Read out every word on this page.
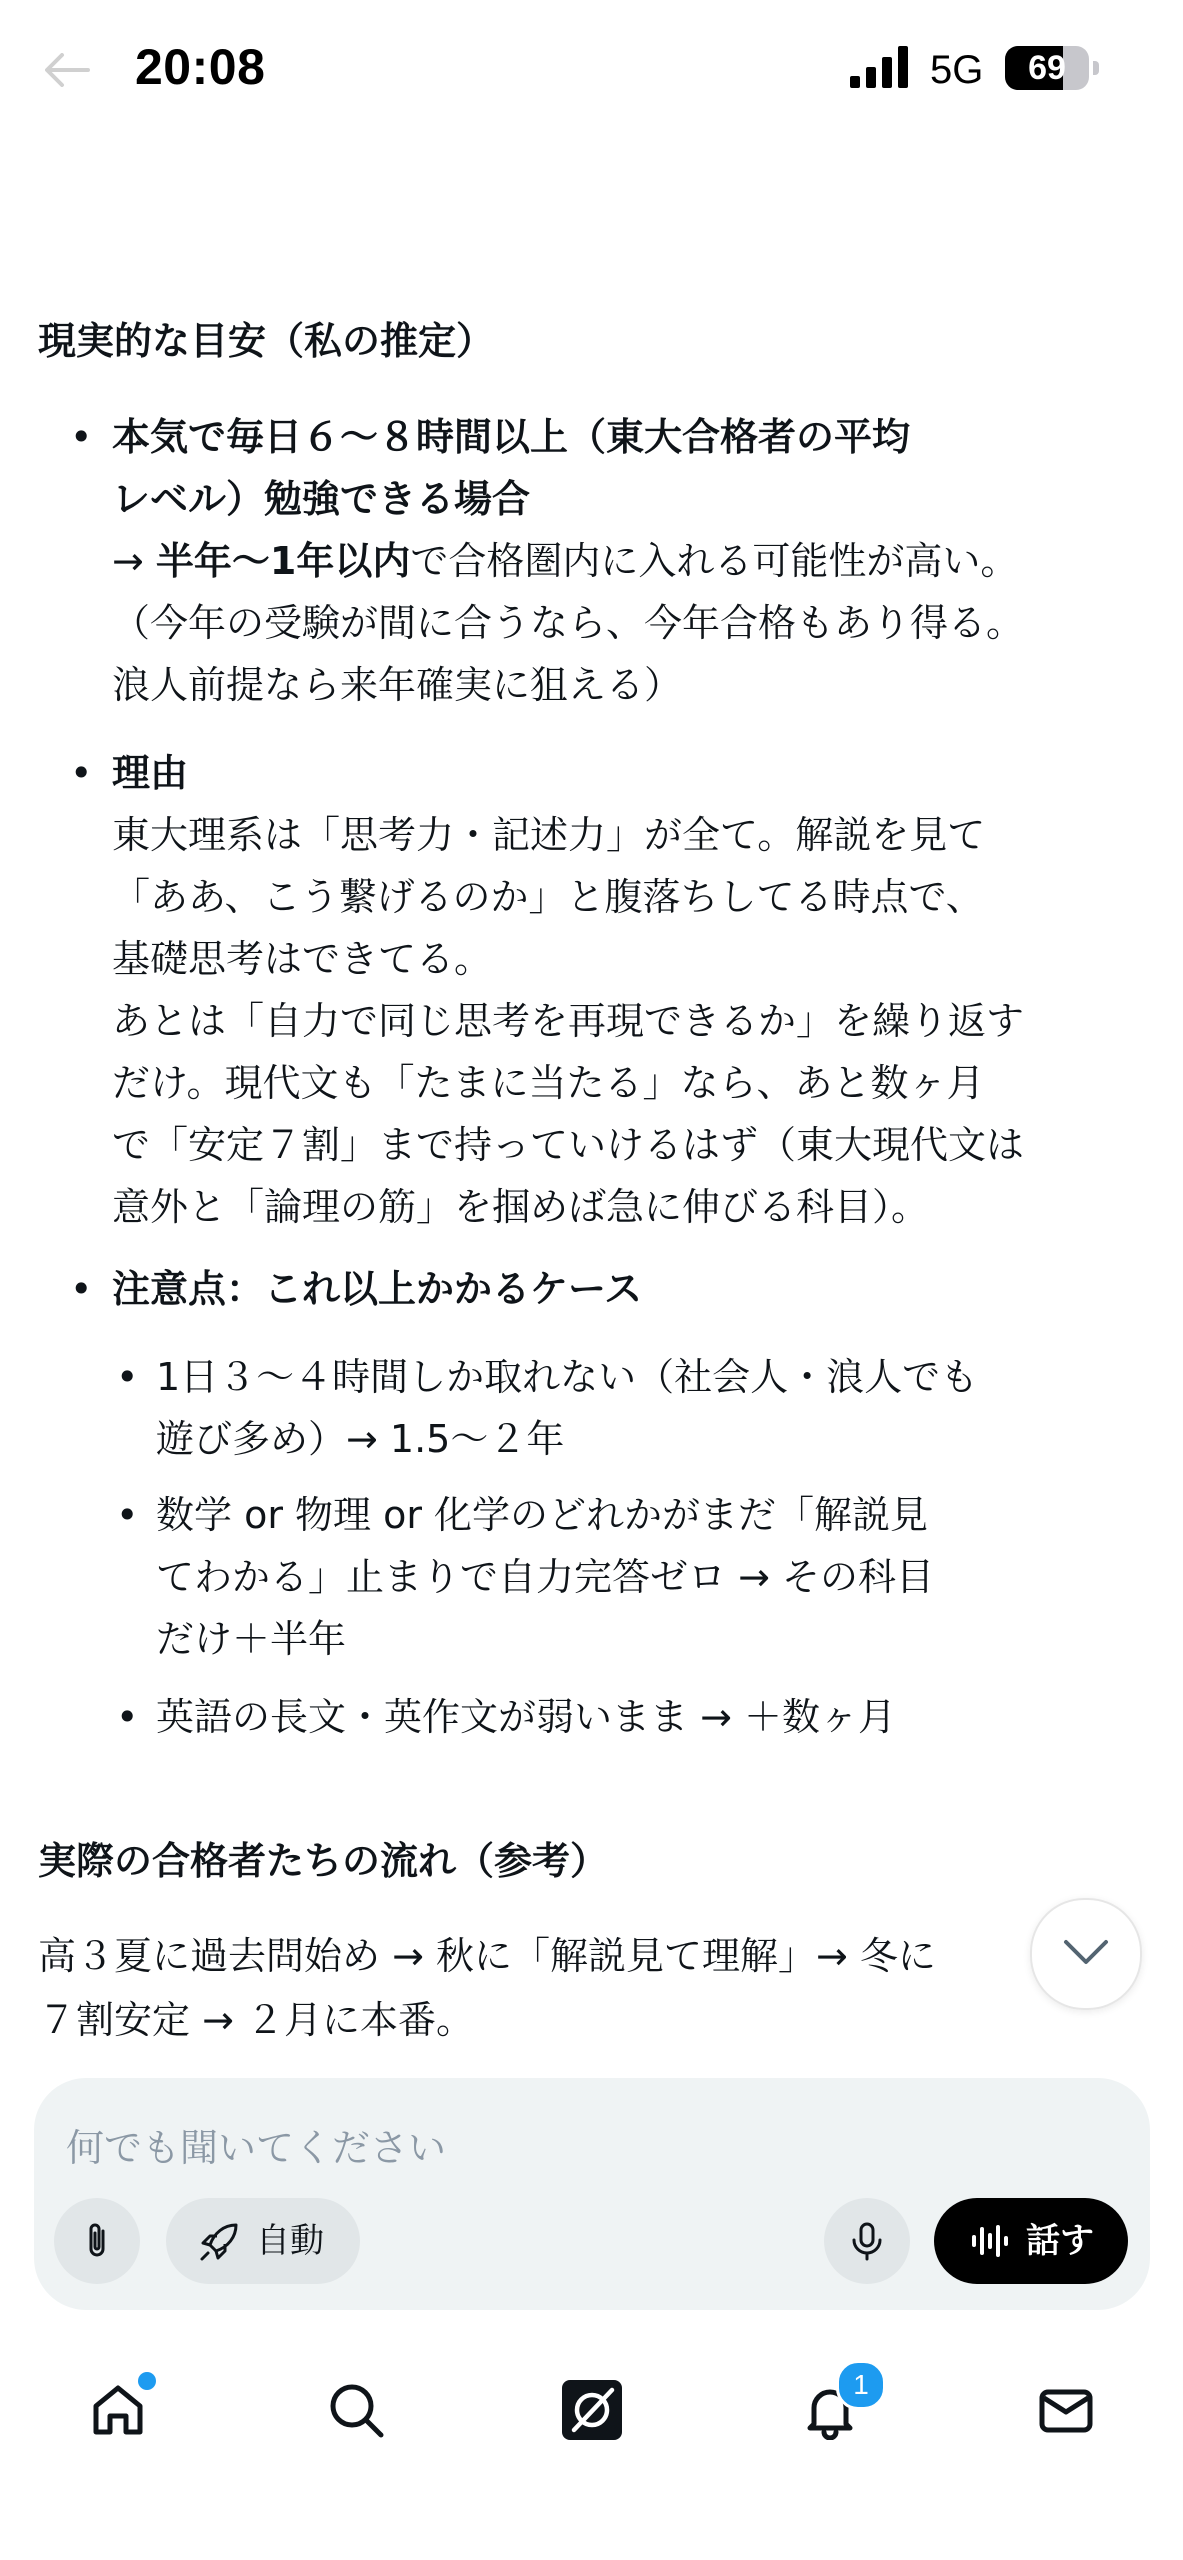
20:08	5G	69
現実的な目安（私の推定）
• 本気で毎日６〜８時間以上（東大合格者の平均
レベル）勉強できる場合

→ 半年〜1年以内で合格圏内に入れる可能性が高い。
（今年の受験が間に合うなら、今年合格もあり得る。
浪人前提なら来年確実に狙える）

• 理由

東大理系は「思考力・記述力」が全て。解説を見て
「ああ、こう繋げるのか」と腹落ちしてる時点で、
基礎思考はできてる。
あとは「自力で同じ思考を再現できるか」を繰り返す
だけ。現代文も「たまに当たる」なら、あと数ヶ月
で「安定７割」まで持っていけるはず（東大現代文は
意外と「論理の筋」を掴めば急に伸びる科目）。

• 注意点：これ以上かかるケース

• 1日３〜４時間しか取れない（社会人・浪人でも
遊び多め）→ 1.5〜２年

• 数学 or 物理 or 化学のどれかがまだ「解説見
てわかる」止まりで自力完答ゼロ → その科目
だけ＋半年

• 英語の長文・英作文が弱いまま → ＋数ヶ月

実際の合格者たちの流れ（参考）

高３夏に過去問始め → 秋に「解説見て理解」→ 冬に
７割安定 → ２月に本番。

何でも聞いてください
自動	話す
1
